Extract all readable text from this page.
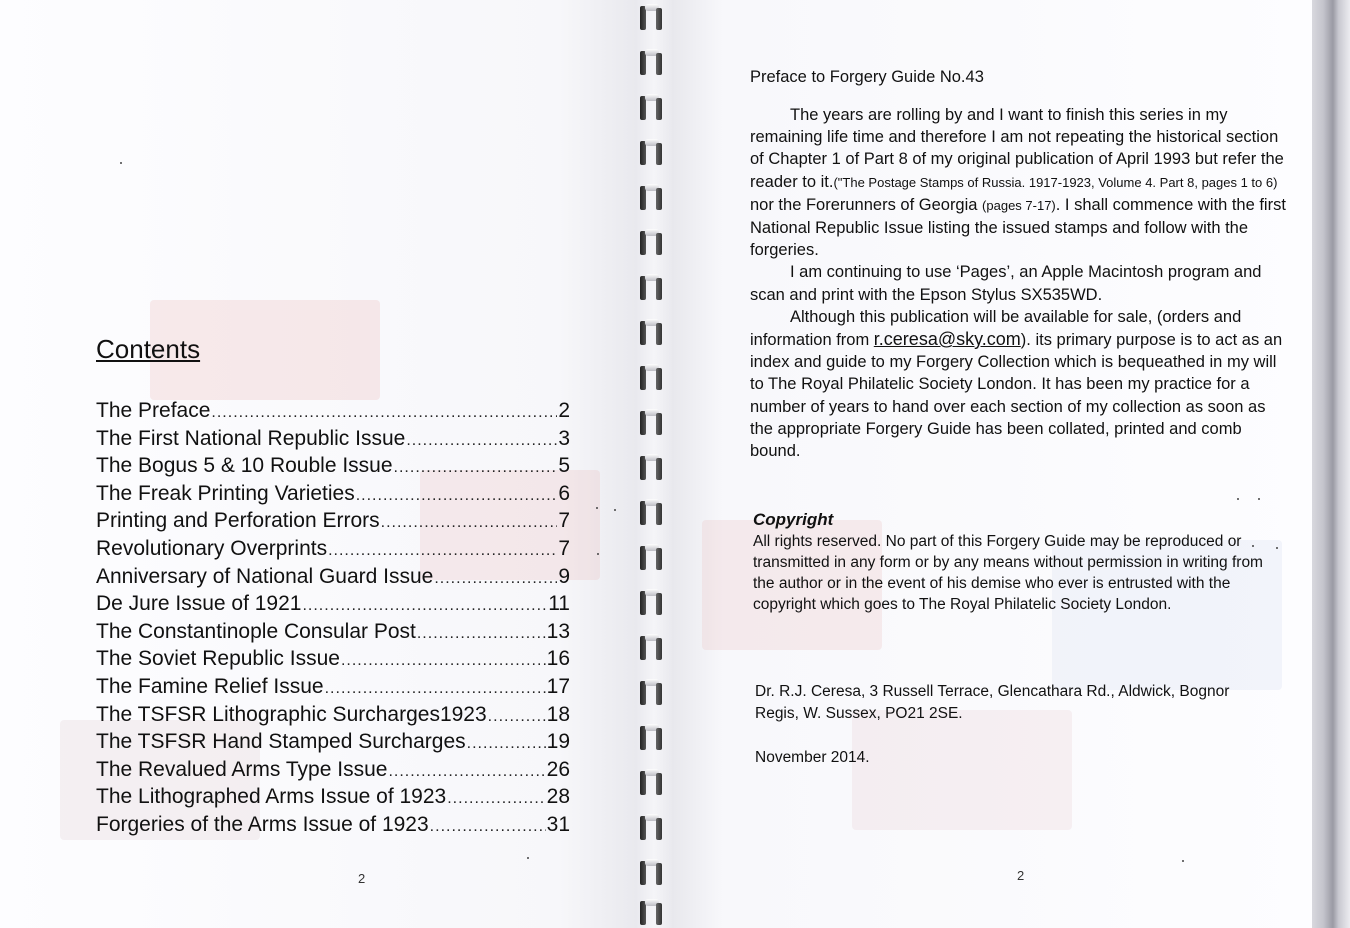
Contents
The Preface .....	2
The First National Republic Issue .....	3
The Bogus 5 & 10 Rouble Issue .....	5
The Freak Printing Varieties .....	6
Printing and Perforation Errors .....	7
Revolutionary Overprints .....	7
Anniversary of National Guard Issue .....	9
De Jure Issue of 1921 .....	11
The Constantinople Consular Post .....	13
The Soviet Republic Issue .....	16
The Famine Relief Issue .....	17
The TSFSR Lithographic Surcharges1923 .....	18
The TSFSR Hand Stamped Surcharges .....	19
The Revalued Arms Type Issue .....	26
The Lithographed Arms Issue of 1923 .....	28
Forgeries of the Arms Issue of 1923 .....	31
2
Preface to Forgery Guide No.43

The years are rolling by and I want to finish this series in my remaining life time and therefore I am not repeating the historical section of Chapter 1 of Part 8 of my original publication of April 1993 but refer the reader to it.("The Postage Stamps of Russia. 1917-1923, Volume 4. Part 8, pages 1 to 6) nor the Forerunners of Georgia (pages 7-17). I shall commence with the first National Republic Issue listing the issued stamps and follow with the forgeries.

I am continuing to use ‘Pages’, an Apple Macintosh program and scan and print with the Epson Stylus SX535WD.

Although this publication will be available for sale, (orders and information from r.ceresa@sky.com). its primary purpose is to act as an index and guide to my Forgery Collection which is bequeathed in my will to The Royal Philatelic Society London. It has been my practice for a number of years to hand over each section of my collection as soon as the appropriate Forgery Guide has been collated, printed and comb bound.

Copyright
All rights reserved. No part of this Forgery Guide may be reproduced or transmitted in any form or by any means without permission in writing from the author or in the event of his demise who ever is entrusted with the copyright which goes to The Royal Philatelic Society London.
Dr. R.J. Ceresa, 3 Russell Terrace, Glencathara Rd., Aldwick, Bognor Regis, W. Sussex, PO21 2SE.
November 2014.
2
